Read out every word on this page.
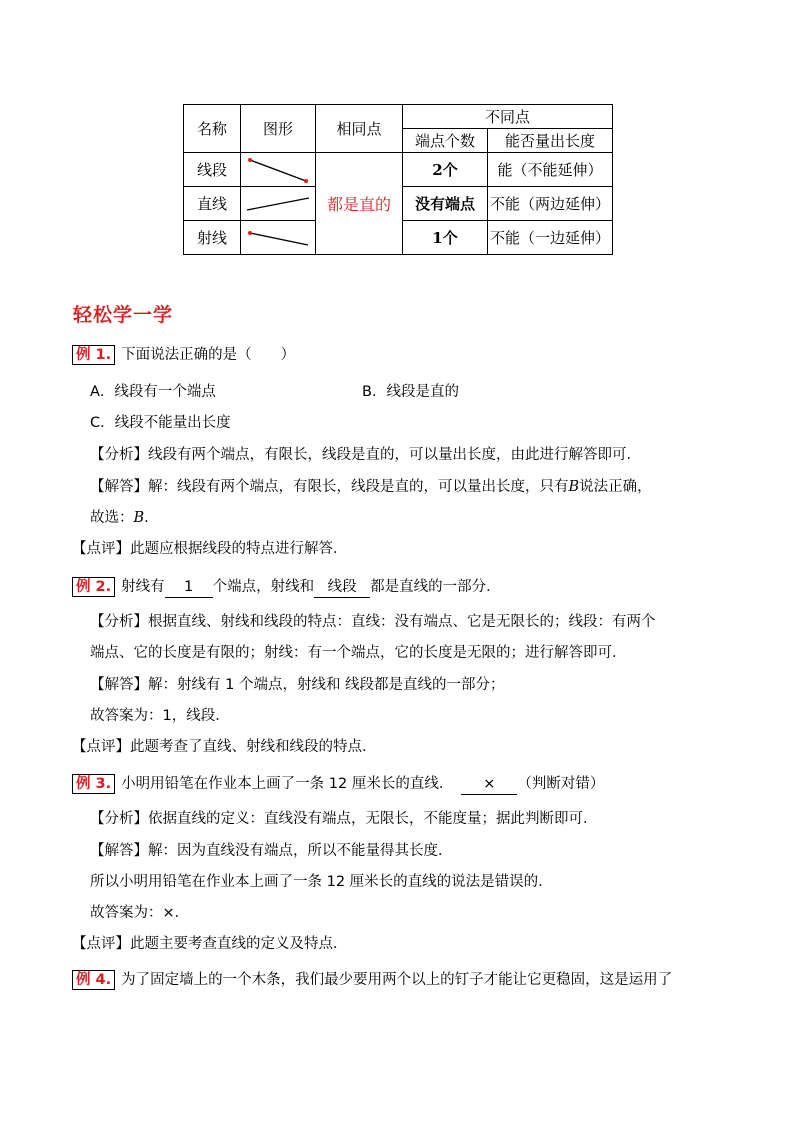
名称	图形	相同点	不同点	
			端点个数	能否量出长度
线段		都是直的	2个	能（不能延伸）
直线			没有端点	不能（两边延伸）
射线			1个	不能（一边延伸）
轻松学一学
例 1. 下面说法正确的是（　　）
A．线段有一个端点	B．线段是直的
C．线段不能量出长度
【分析】线段有两个端点，有限长，线段是直的，可以量出长度，由此进行解答即可．
【解答】解：线段有两个端点，有限长，线段是直的，可以量出长度，只有B说法正确，
故选：B．
【点评】此题应根据线段的特点进行解答．
例 2. 射线有 1 个端点，射线和 线段 都是直线的一部分．
【分析】根据直线、射线和线段的特点：直线：没有端点、它是无限长的；线段：有两个
端点、它的长度是有限的；射线：有一个端点，它的长度是无限的；进行解答即可．
【解答】解：射线有 1 个端点，射线和 线段都是直线的一部分；
故答案为：1，线段．
【点评】此题考查了直线、射线和线段的特点．
例 3. 小明用铅笔在作业本上画了一条 12 厘米长的直线． × （判断对错）
【分析】依据直线的定义：直线没有端点，无限长，不能度量；据此判断即可．
【解答】解：因为直线没有端点，所以不能量得其长度．
所以小明用铅笔在作业本上画了一条 12 厘米长的直线的说法是错误的．
故答案为：×．
【点评】此题主要考查直线的定义及特点．
例 4. 为了固定墙上的一个木条，我们最少要用两个以上的钉子才能让它更稳固，这是运用了
